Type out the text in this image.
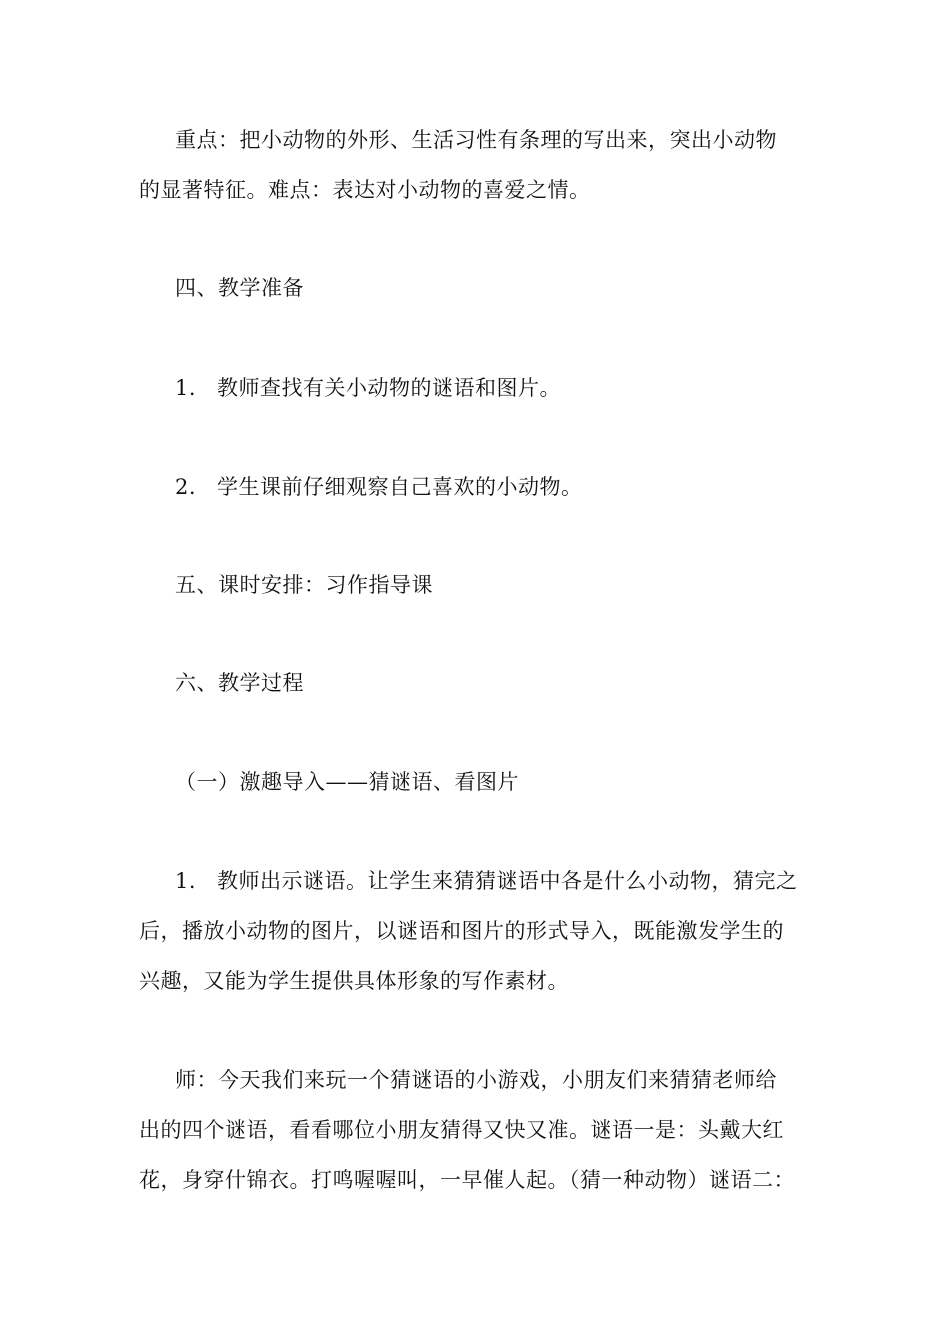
重点：把小动物的外形、生活习性有条理的写出来，突出小动物
的显著特征。难点：表达对小动物的喜爱之情。
四、教学准备
1. 教师查找有关小动物的谜语和图片。
2. 学生课前仔细观察自己喜欢的小动物。
五、课时安排：习作指导课
六、教学过程
（一）激趣导入——猜谜语、看图片
1. 教师出示谜语。让学生来猜猜谜语中各是什么小动物，猜完之
后，播放小动物的图片，以谜语和图片的形式导入，既能激发学生的
兴趣，又能为学生提供具体形象的写作素材。
师：今天我们来玩一个猜谜语的小游戏，小朋友们来猜猜老师给
出的四个谜语，看看哪位小朋友猜得又快又准。谜语一是：头戴大红
花，身穿什锦衣。打鸣喔喔叫，一早催人起。（猜一种动物）谜语二：
